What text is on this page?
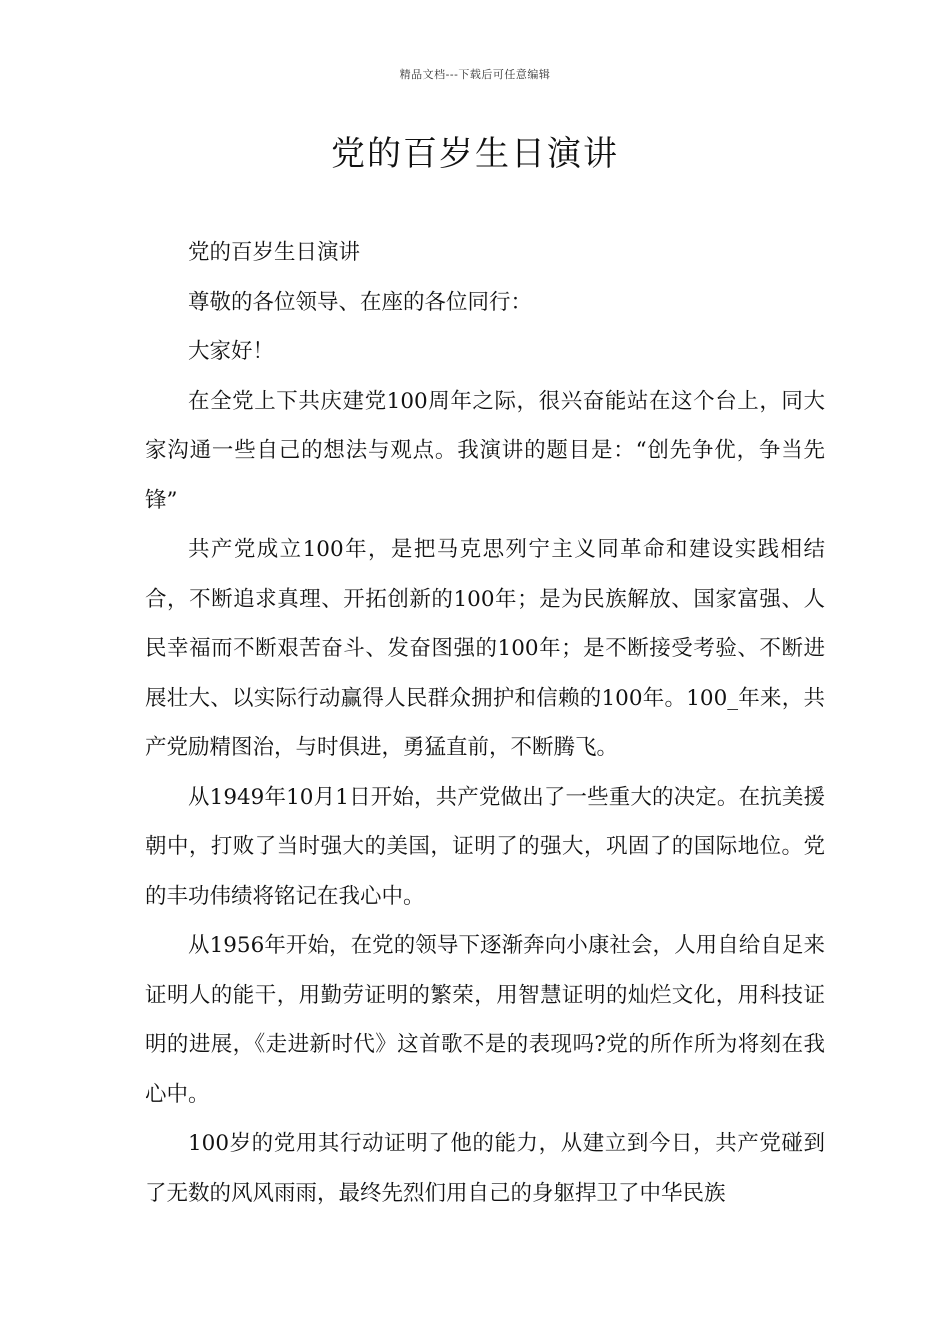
精品文档---下载后可任意编辑
党的百岁生日演讲

党的百岁生日演讲

尊敬的各位领导、在座的各位同行：

大家好！

在全党上下共庆建党100周年之际，很兴奋能站在这个台上，同大家沟通一些自己的想法与观点。我演讲的题目是：“创先争优，争当先锋”

共产党成立100年，是把马克思列宁主义同革命和建设实践相结合，不断追求真理、开拓创新的100年；是为民族解放、国家富强、人民幸福而不断艰苦奋斗、发奋图强的100年；是不断接受考验、不断进展壮大、以实际行动赢得人民群众拥护和信赖的100年。100_年来，共产党励精图治，与时俱进，勇猛直前，不断腾飞。

从1949年10月1日开始，共产党做出了一些重大的决定。在抗美援朝中，打败了当时强大的美国，证明了的强大，巩固了的国际地位。党的丰功伟绩将铭记在我心中。

从1956年开始，在党的领导下逐渐奔向小康社会，人用自给自足来证明人的能干，用勤劳证明的繁荣，用智慧证明的灿烂文化，用科技证明的进展，《走进新时代》这首歌不是的表现吗?党的所作所为将刻在我心中。

100岁的党用其行动证明了他的能力，从建立到今日，共产党碰到了无数的风风雨雨，最终先烈们用自己的身躯捍卫了中华民族
